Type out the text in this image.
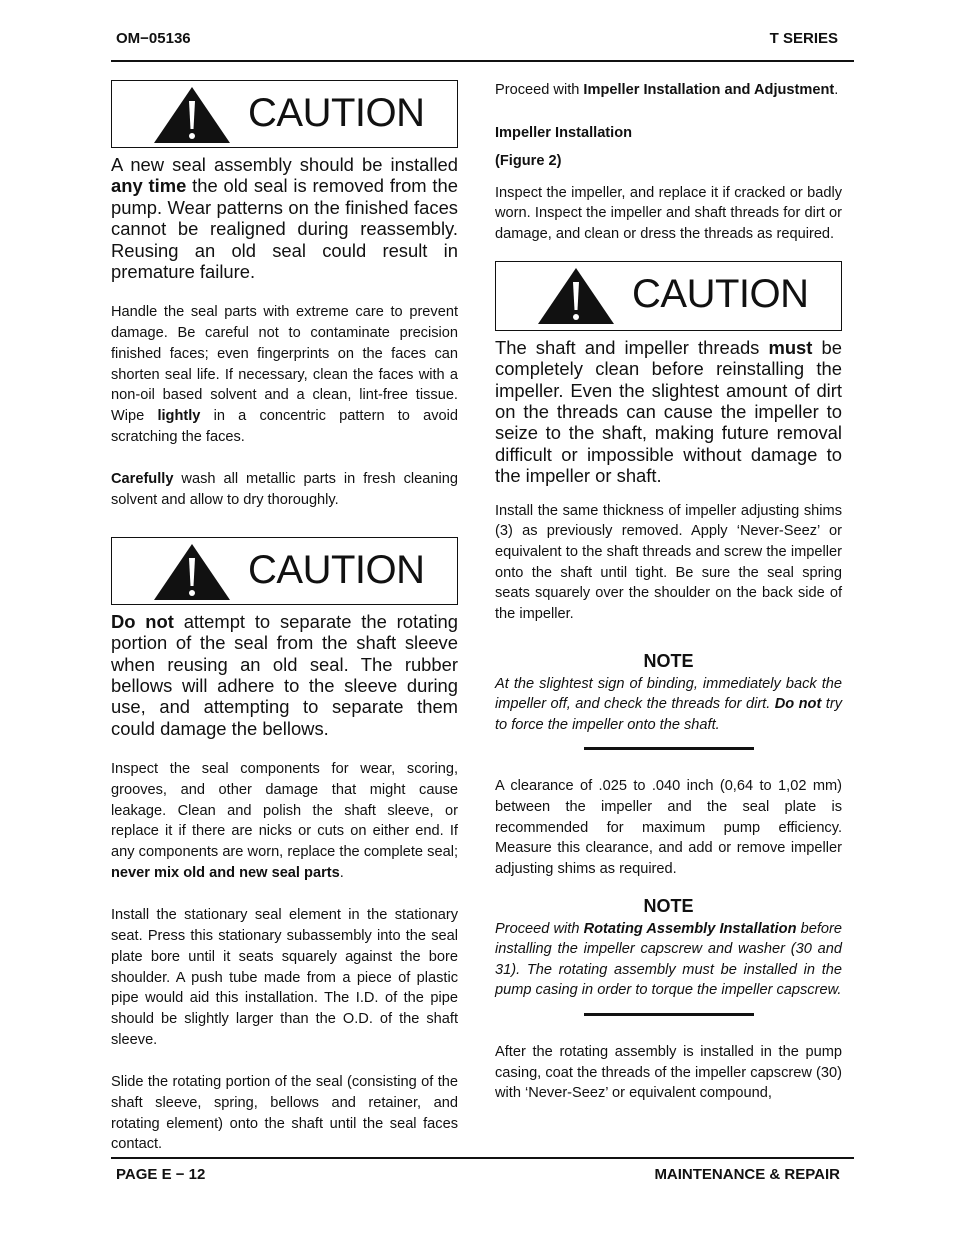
OM−05136	T SERIES
CAUTION

A new seal assembly should be installed any time the old seal is removed from the pump. Wear patterns on the finished faces cannot be realigned during reassembly. Reusing an old seal could result in premature failure.

Handle the seal parts with extreme care to prevent damage. Be careful not to contaminate precision finished faces; even fingerprints on the faces can shorten seal life. If necessary, clean the faces with a non-oil based solvent and a clean, lint-free tissue. Wipe lightly in a concentric pattern to avoid scratching the faces.

Carefully wash all metallic parts in fresh cleaning solvent and allow to dry thoroughly.

CAUTION

Do not attempt to separate the rotating portion of the seal from the shaft sleeve when reusing an old seal. The rubber bellows will adhere to the sleeve during use, and attempting to separate them could damage the bellows.

Inspect the seal components for wear, scoring, grooves, and other damage that might cause leakage. Clean and polish the shaft sleeve, or replace it if there are nicks or cuts on either end. If any components are worn, replace the complete seal; never mix old and new seal parts.

Install the stationary seal element in the stationary seat. Press this stationary subassembly into the seal plate bore until it seats squarely against the bore shoulder. A push tube made from a piece of plastic pipe would aid this installation. The I.D. of the pipe should be slightly larger than the O.D. of the shaft sleeve.

Slide the rotating portion of the seal (consisting of the shaft sleeve, spring, bellows and retainer, and rotating element) onto the shaft until the seal faces contact.

Proceed with Impeller Installation and Adjustment.

Impeller Installation

(Figure 2)

Inspect the impeller, and replace it if cracked or badly worn. Inspect the impeller and shaft threads for dirt or damage, and clean or dress the threads as required.

CAUTION

The shaft and impeller threads must be completely clean before reinstalling the impeller. Even the slightest amount of dirt on the threads can cause the impeller to seize to the shaft, making future removal difficult or impossible without damage to the impeller or shaft.

Install the same thickness of impeller adjusting shims (3) as previously removed. Apply ‘Never-Seez’ or equivalent to the shaft threads and screw the impeller onto the shaft until tight. Be sure the seal spring seats squarely over the shoulder on the back side of the impeller.

NOTE

At the slightest sign of binding, immediately back the impeller off, and check the threads for dirt. Do not try to force the impeller onto the shaft.

A clearance of .025 to .040 inch (0,64 to 1,02 mm) between the impeller and the seal plate is recommended for maximum pump efficiency. Measure this clearance, and add or remove impeller adjusting shims as required.

NOTE

Proceed with Rotating Assembly Installation before installing the impeller capscrew and washer (30 and 31). The rotating assembly must be installed in the pump casing in order to torque the impeller capscrew.

After the rotating assembly is installed in the pump casing, coat the threads of the impeller capscrew (30) with ‘Never-Seez’ or equivalent compound,

PAGE E − 12	MAINTENANCE & REPAIR
